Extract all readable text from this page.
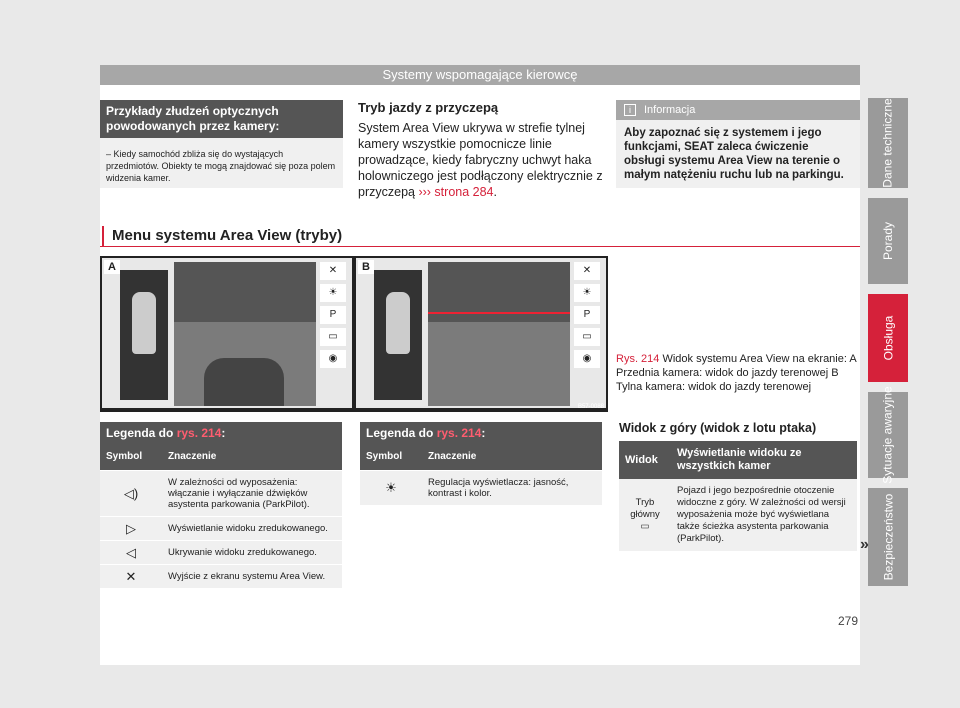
Systemy wspomagające kierowcę
Dane techniczne
Porady
Obsługa
Sytuacje awaryjne
Bezpieczeństwo
Przykłady złudzeń optycznych powodowanych przez kamery:
– Kiedy samochód zbliża się do wystających przedmiotów. Obiekty te mogą znajdować się poza polem widzenia kamer.
Tryb jazdy z przyczepą

System Area View ukrywa w strefie tylnej kamery wszystkie pomocnicze linie prowadzące, kiedy fabryczny uchwyt haka holowniczego jest podłączony elektrycznie z przyczepą ››› strona 284.

i Informacja
Aby zapoznać się z systemem i jego funkcjami, SEAT zaleca ćwiczenie obsługi systemu Area View na terenie o małym natężeniu ruchu lub na parkingu.
Menu systemu Area View (tryby)
✕
☀
P
▭
◉
A	✕
☀
P
▭
◉
B
B57-0088
Rys. 214 Widok systemu Area View na ekranie: A Przednia kamera: widok do jazdy terenowej B Tylna kamera: widok do jazdy terenowej
Legenda do rys. 214:
Symbol	Znaczenie
◁)	W zależności od wyposażenia: włączanie i wyłączanie dźwięków asystenta parkowania (ParkPilot).
▷	Wyświetlanie widoku zredukowanego.
◁	Ukrywanie widoku zredukowanego.
✕	Wyjście z ekranu systemu Area View.
Legenda do rys. 214:
Symbol	Znaczenie
☀	Regulacja wyświetlacza: jasność, kontrast i kolor.
Widok z góry (widok z lotu ptaka)
Widok	Wyświetlanie widoku ze wszystkich kamer
Tryb główny
▭	Pojazd i jego bezpośrednie otoczenie widoczne z góry. W zależności od wersji wyposażenia może być wyświetlana także ścieżka asystenta parkowania (ParkPilot).	»
279
